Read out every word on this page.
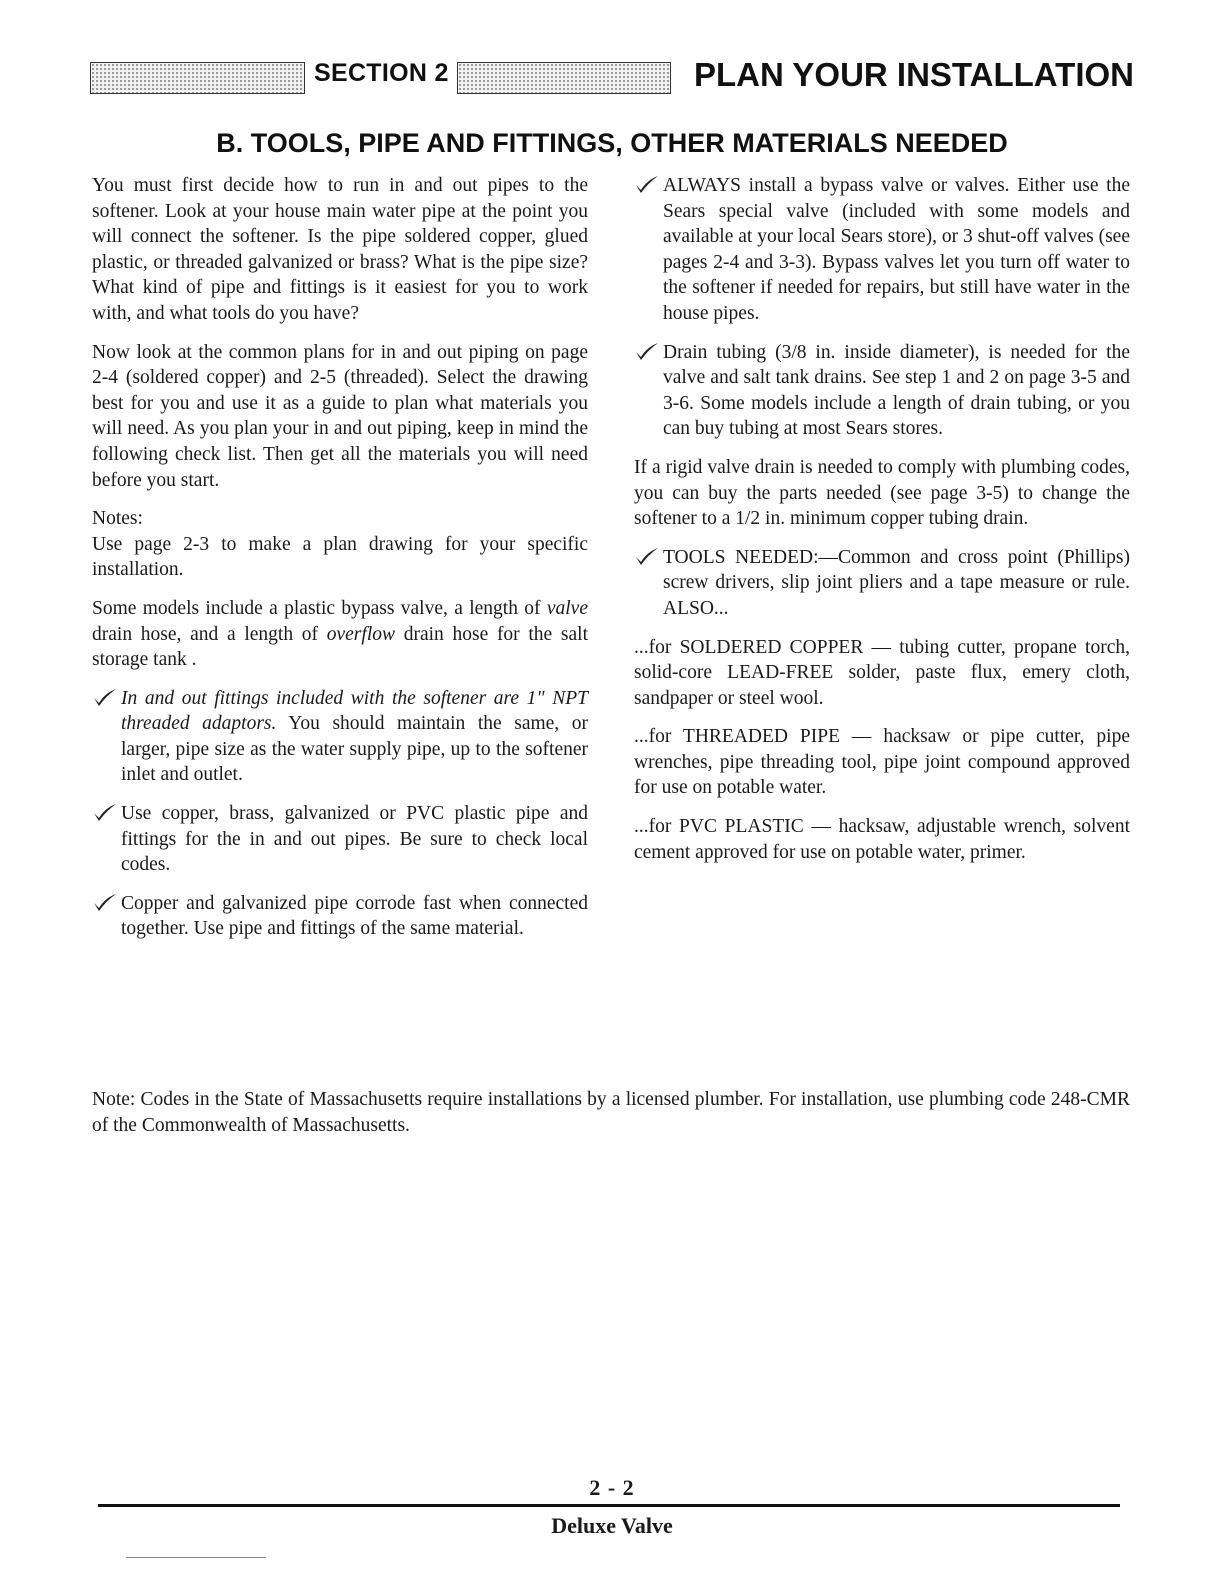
SECTION 2	PLAN YOUR INSTALLATION
B. TOOLS, PIPE AND FITTINGS, OTHER MATERIALS NEEDED

You must first decide how to run in and out pipes to the softener. Look at your house main water pipe at the point you will connect the softener. Is the pipe soldered copper, glued plastic, or threaded galvanized or brass? What is the pipe size? What kind of pipe and fittings is it easiest for you to work with, and what tools do you have?

Now look at the common plans for in and out piping on page 2-4 (soldered copper) and 2-5 (threaded). Select the drawing best for you and use it as a guide to plan what materials you will need. As you plan your in and out piping, keep in mind the following check list. Then get all the materials you will need before you start.

Notes:

Use page 2-3 to make a plan drawing for your specific installation.

Some models include a plastic bypass valve, a length of valve drain hose, and a length of overflow drain hose for the salt storage tank .

In and out fittings included with the softener are 1" NPT threaded adaptors. You should maintain the same, or larger, pipe size as the water supply pipe, up to the softener inlet and outlet.
Use copper, brass, galvanized or PVC plastic pipe and fittings for the in and out pipes. Be sure to check local codes.
Copper and galvanized pipe corrode fast when connected together. Use pipe and fittings of the same material.
ALWAYS install a bypass valve or valves. Either use the Sears special valve (included with some models and available at your local Sears store), or 3 shut-off valves (see pages 2-4 and 3-3). Bypass valves let you turn off water to the softener if needed for repairs, but still have water in the house pipes.
Drain tubing (3/8 in. inside diameter), is needed for the valve and salt tank drains. See step 1 and 2 on page 3-5 and 3-6. Some models include a length of drain tubing, or you can buy tubing at most Sears stores.

If a rigid valve drain is needed to comply with plumbing codes, you can buy the parts needed (see page 3-5) to change the softener to a 1/2 in. minimum copper tubing drain.

TOOLS NEEDED:—Common and cross point (Phillips) screw drivers, slip joint pliers and a tape measure or rule. ALSO...

...for SOLDERED COPPER — tubing cutter, propane torch, solid-core LEAD-FREE solder, paste flux, emery cloth, sandpaper or steel wool.

...for THREADED PIPE — hacksaw or pipe cutter, pipe wrenches, pipe threading tool, pipe joint compound approved for use on potable water.

...for PVC PLASTIC — hacksaw, adjustable wrench, solvent cement approved for use on potable water, primer.

Note: Codes in the State of Massachusetts require installations by a licensed plumber. For installation, use plumbing code 248-CMR of the Commonwealth of Massachusetts.
2 - 2
Deluxe Valve
